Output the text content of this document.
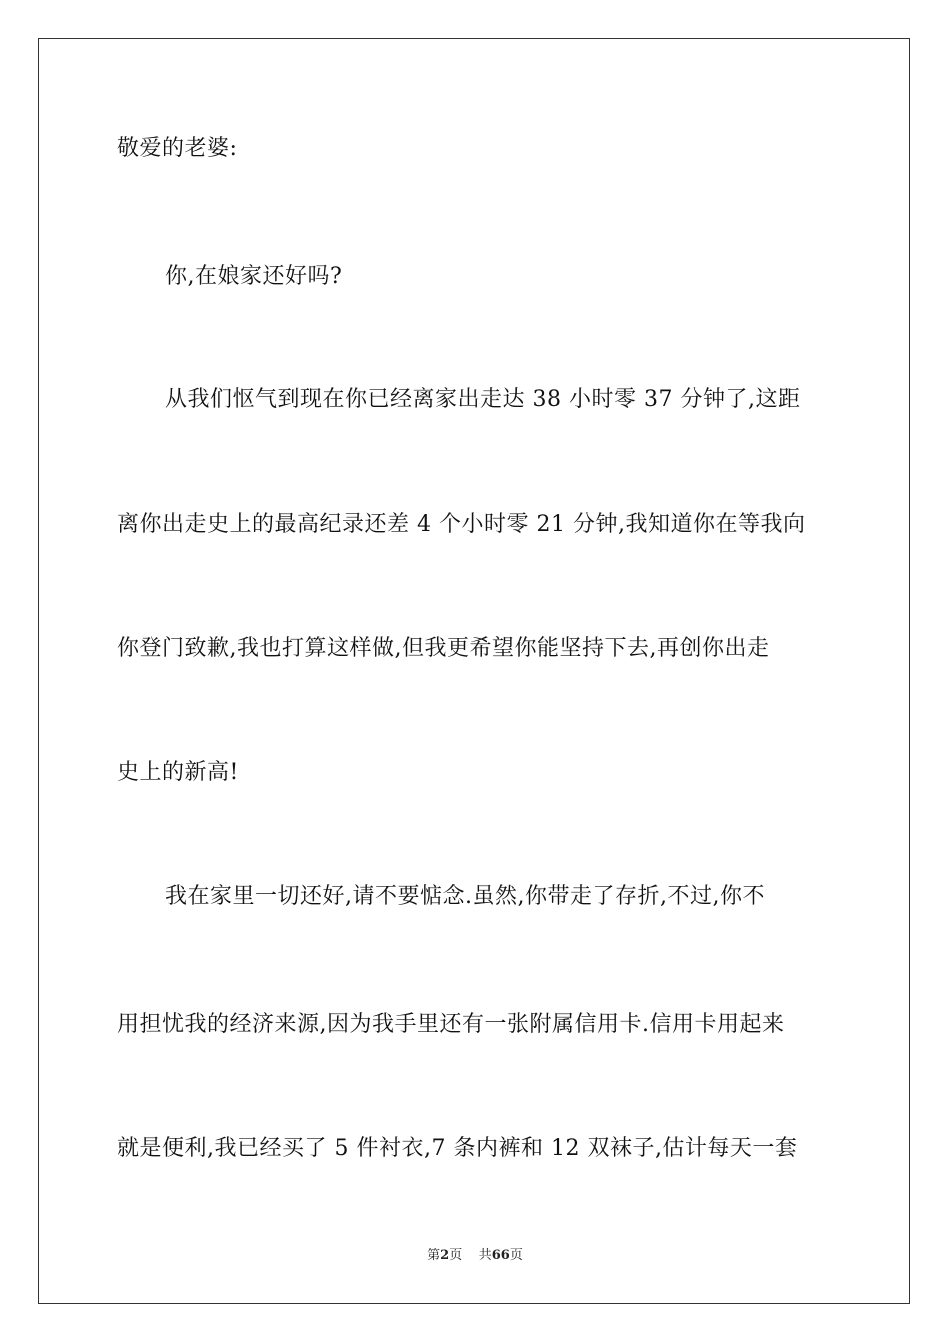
敬爱的老婆:
你,在娘家还好吗?
从我们怄气到现在你已经离家出走达 38 小时零 37 分钟了,这距
离你出走史上的最高纪录还差 4 个小时零 21 分钟,我知道你在等我向
你登门致歉,我也打算这样做,但我更希望你能坚持下去,再创你出走
史上的新高!
我在家里一切还好,请不要惦念.虽然,你带走了存折,不过,你不
用担忧我的经济来源,因为我手里还有一张附属信用卡.信用卡用起来
就是便利,我已经买了 5 件衬衣,7 条内裤和 12 双袜子,估计每天一套
第2页 共66页
